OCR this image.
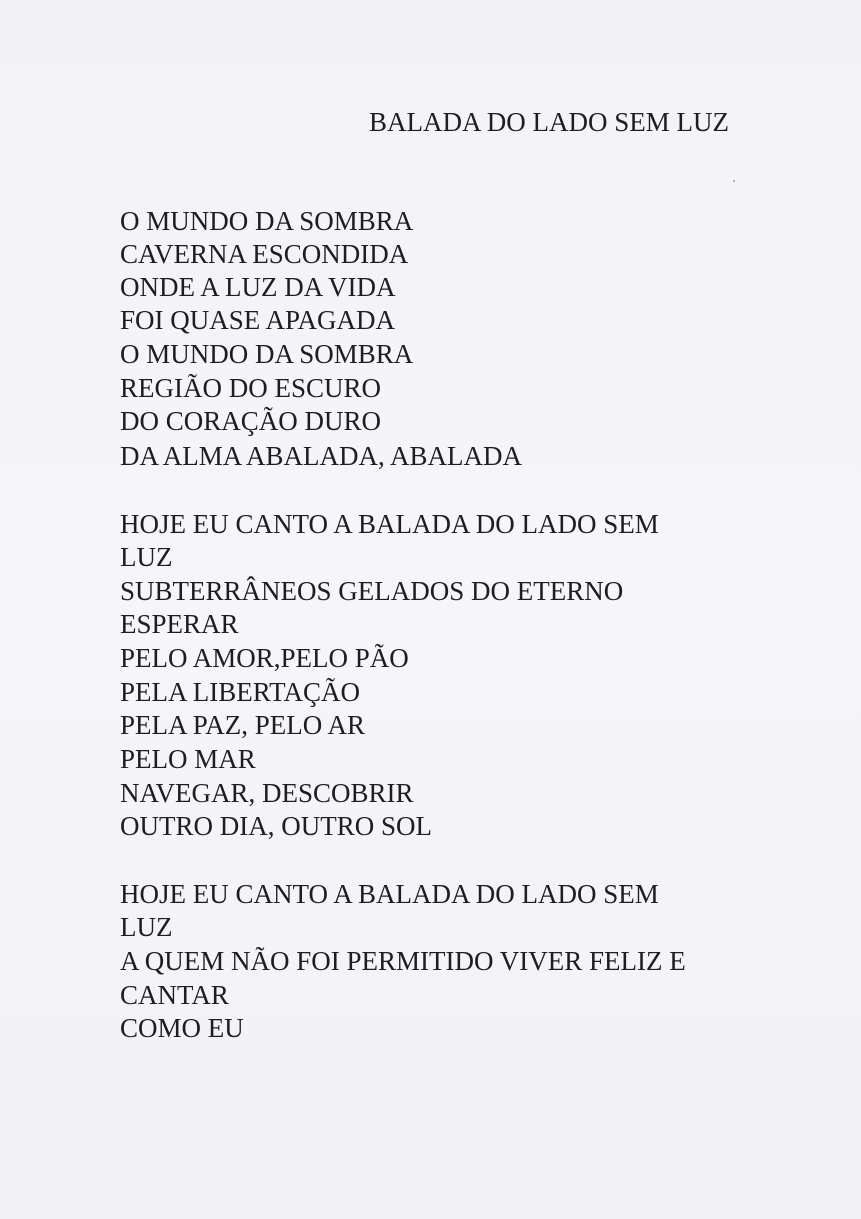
BALADA DO LADO SEM LUZ
O MUNDO DA SOMBRA
CAVERNA ESCONDIDA
ONDE A LUZ DA VIDA
FOI QUASE APAGADA
O MUNDO DA SOMBRA
REGIÃO DO ESCURO
DO CORAÇÃO DURO
DA ALMA ABALADA, ABALADA
HOJE EU CANTO A BALADA DO LADO SEM
LUZ
SUBTERRÂNEOS GELADOS DO ETERNO
ESPERAR
PELO AMOR,PELO PÃO
PELA LIBERTAÇÃO
PELA PAZ, PELO AR
PELO MAR
NAVEGAR, DESCOBRIR
OUTRO DIA, OUTRO SOL
HOJE EU CANTO A BALADA DO LADO SEM
LUZ
A QUEM NÃO FOI PERMITIDO VIVER FELIZ E
CANTAR
COMO EU
